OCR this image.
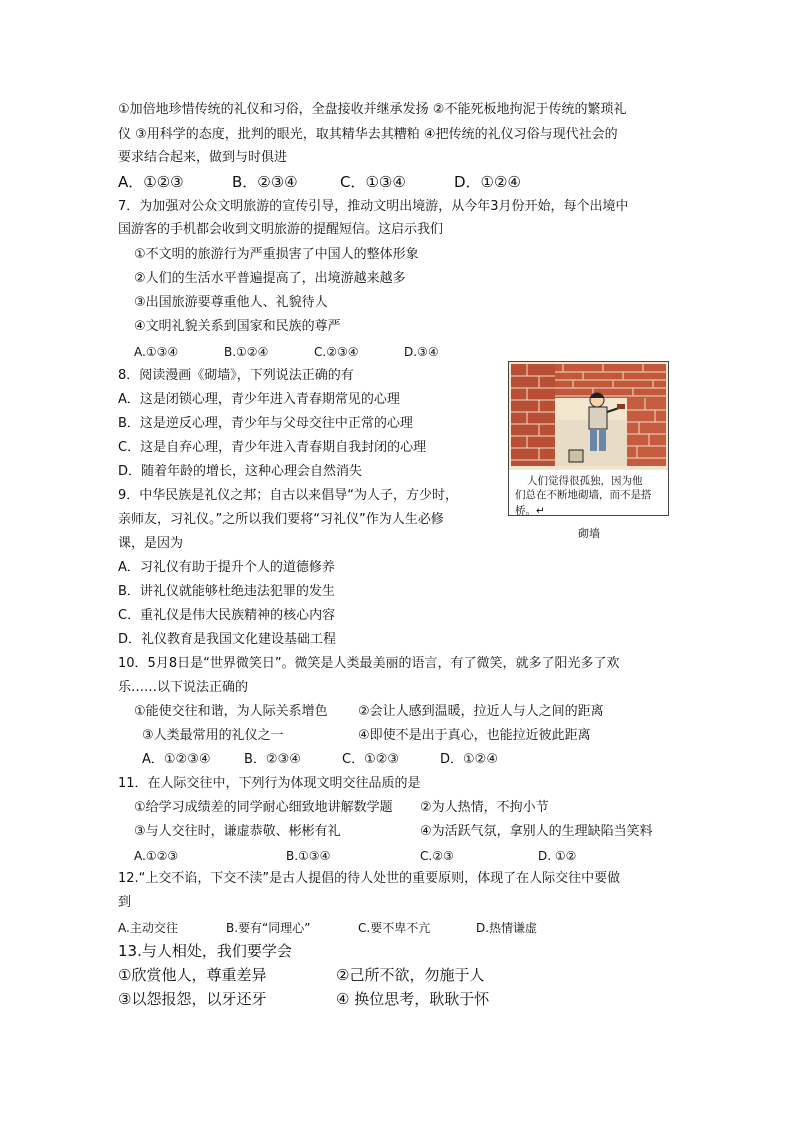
①加倍地珍惜传统的礼仪和习俗，全盘接收并继承发扬 ②不能死板地拘泥于传统的繁琐礼
仪 ③用科学的态度，批判的眼光，取其精华去其糟粕 ④把传统的礼仪习俗与现代社会的
要求结合起来，做到与时俱进
A．①②③	B．②③④	C．①③④	D．①②④
7．为加强对公众文明旅游的宣传引导，推动文明出境游，从今年3月份开始，每个出境中
国游客的手机都会收到文明旅游的提醒短信。这启示我们
①不文明的旅游行为严重损害了中国人的整体形象
②人们的生活水平普遍提高了，出境游越来越多
③出国旅游要尊重他人、礼貌待人
④文明礼貌关系到国家和民族的尊严
A.①③④	B.①②④	C.②③④	D.③④
8．阅读漫画《砌墙》，下列说法正确的有
A．这是闭锁心理，青少年进入青春期常见的心理
B．这是逆反心理，青少年与父母交往中正常的心理
C．这是自弃心理，青少年进入青春期自我封闭的心理
D．随着年龄的增长，这种心理会自然消失
人们觉得很孤独，因为他
们总在不断地砌墙，而不是搭
桥。↵
砌墙
9．中华民族是礼仪之邦；自古以来倡导“为人子，方少时，
亲师友，习礼仪。”之所以我们要将“习礼仪”作为人生必修
课，是因为
A．习礼仪有助于提升个人的道德修养
B．讲礼仪就能够杜绝违法犯罪的发生
C．重礼仪是伟大民族精神的核心内容
D．礼仪教育是我国文化建设基础工程
10．5月8日是“世界微笑日”。微笑是人类最美丽的语言，有了微笑，就多了阳光多了欢
乐……以下说法正确的
①能使交往和谐，为人际关系增色 ②会让人感到温暖，拉近人与人之间的距离
③人类最常用的礼仪之一	④即使不是出于真心，也能拉近彼此距离
A．①②③④	B．②③④	C．①②③	D．①②④
11．在人际交往中，下列行为体现文明交往品质的是
①给学习成绩差的同学耐心细致地讲解数学题 ②为人热情，不拘小节
③与人交往时，谦虚恭敬、彬彬有礼	④为活跃气氛，拿别人的生理缺陷当笑料
A.①②③	B.①③④	C.②③	D. ①②
12.“上交不谄，下交不渎”是古人提倡的待人处世的重要原则，体现了在人际交往中要做
到
A.主动交往	B.要有“同理心”	C.要不卑不亢	D.热情谦虚
13.与人相处，我们要学会
①欣赏他人，尊重差异	②己所不欲，勿施于人
③以怨报怨，以牙还牙	④ 换位思考，耿耿于怀
